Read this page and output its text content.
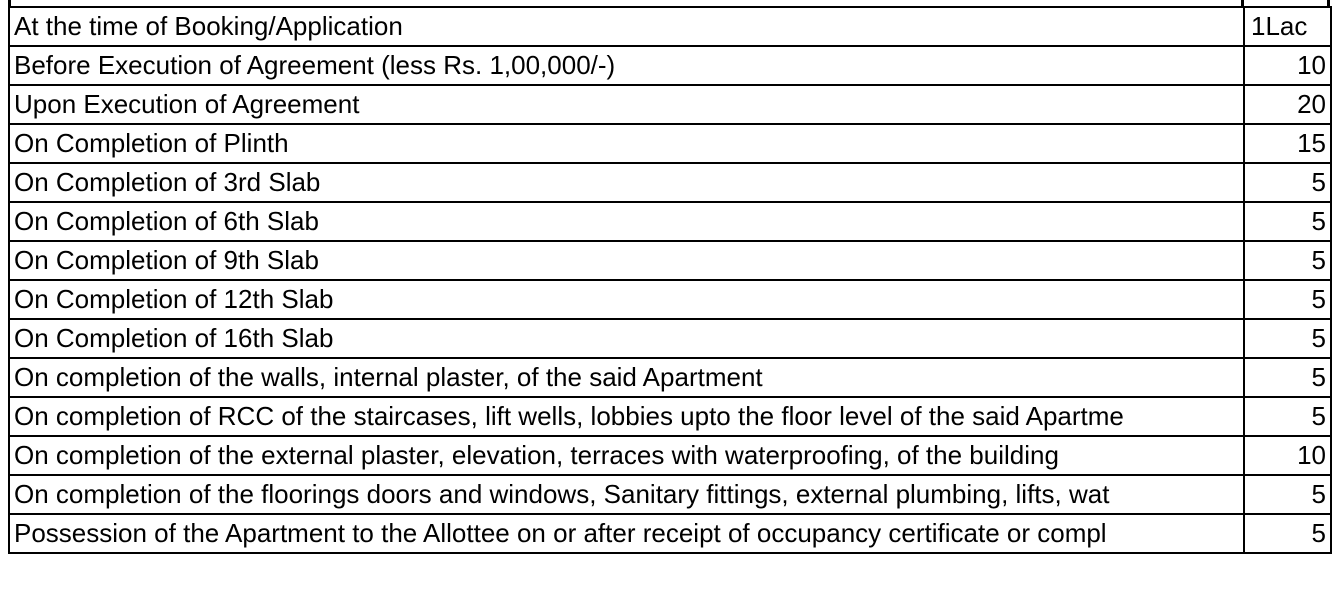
At the time of Booking/Application	1Lac
Before Execution of Agreement (less Rs. 1,00,000/-)	10
Upon Execution of Agreement	20
On Completion of Plinth	15
On Completion of 3rd Slab	5
On Completion of 6th Slab	5
On Completion of 9th Slab	5
On Completion of 12th Slab	5
On Completion of 16th Slab	5
On completion of the walls, internal plaster, of the said Apartment	5
On completion of RCC of the staircases, lift wells, lobbies upto the floor level of the said Apartme	5
On completion of the external plaster, elevation, terraces with waterproofing, of the building	10
On completion of the floorings doors and windows, Sanitary fittings, external plumbing, lifts, wat	5
Possession of the Apartment to the Allottee on or after receipt of occupancy certificate or compl	5
